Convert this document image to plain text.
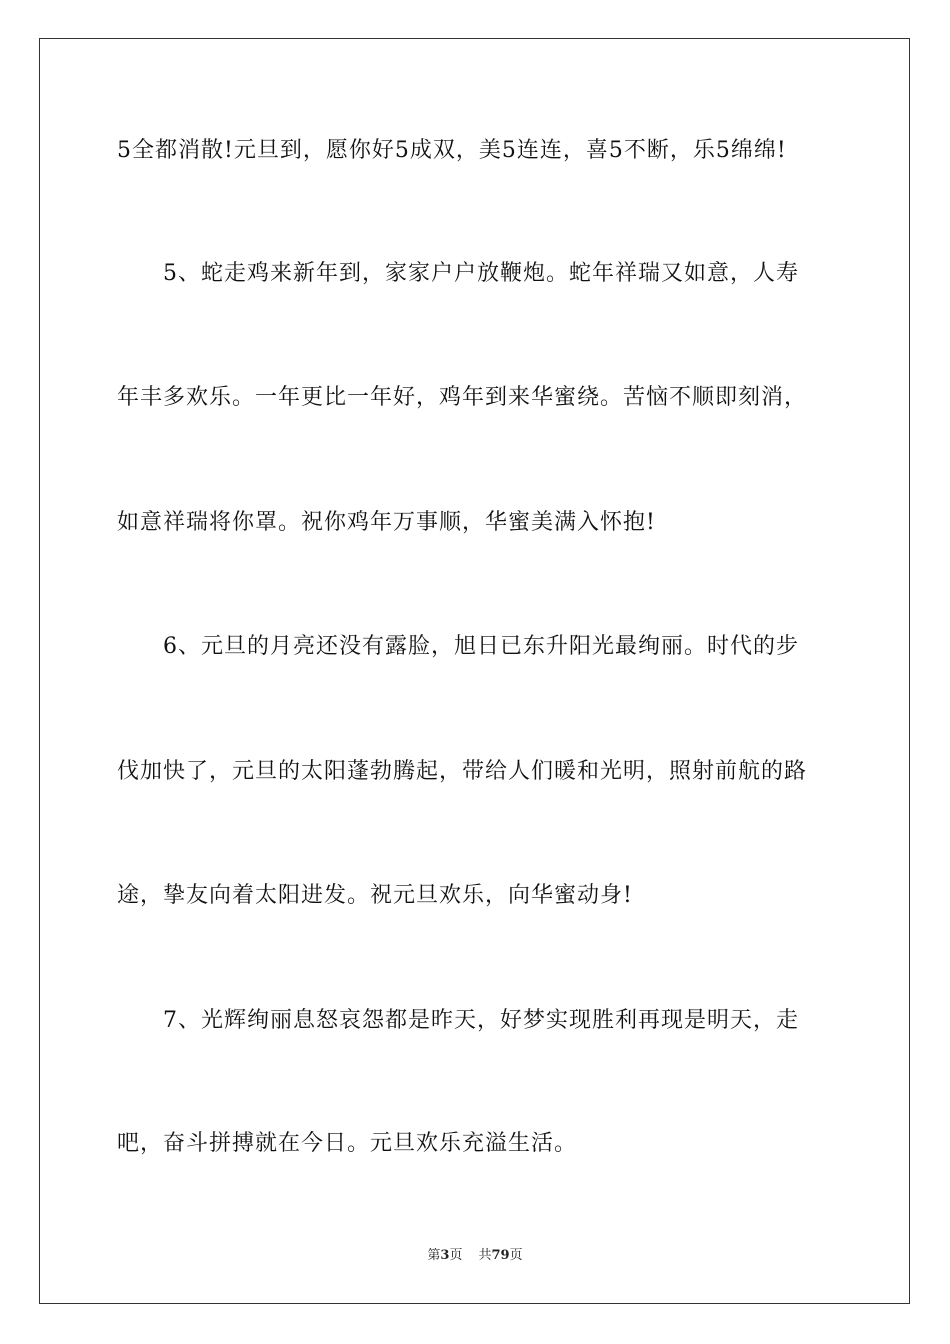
5全都消散!元旦到，愿你好5成双，美5连连，喜5不断，乐5绵绵!
5、蛇走鸡来新年到，家家户户放鞭炮。蛇年祥瑞又如意，人寿
年丰多欢乐。一年更比一年好，鸡年到来华蜜绕。苦恼不顺即刻消，
如意祥瑞将你罩。祝你鸡年万事顺，华蜜美满入怀抱!
6、元旦的月亮还没有露脸，旭日已东升阳光最绚丽。时代的步
伐加快了，元旦的太阳蓬勃腾起，带给人们暖和光明，照射前航的路
途，挚友向着太阳进发。祝元旦欢乐，向华蜜动身!
7、光辉绚丽息怒哀怨都是昨天，好梦实现胜利再现是明天，走
吧，奋斗拼搏就在今日。元旦欢乐充溢生活。
第3页 共79页
